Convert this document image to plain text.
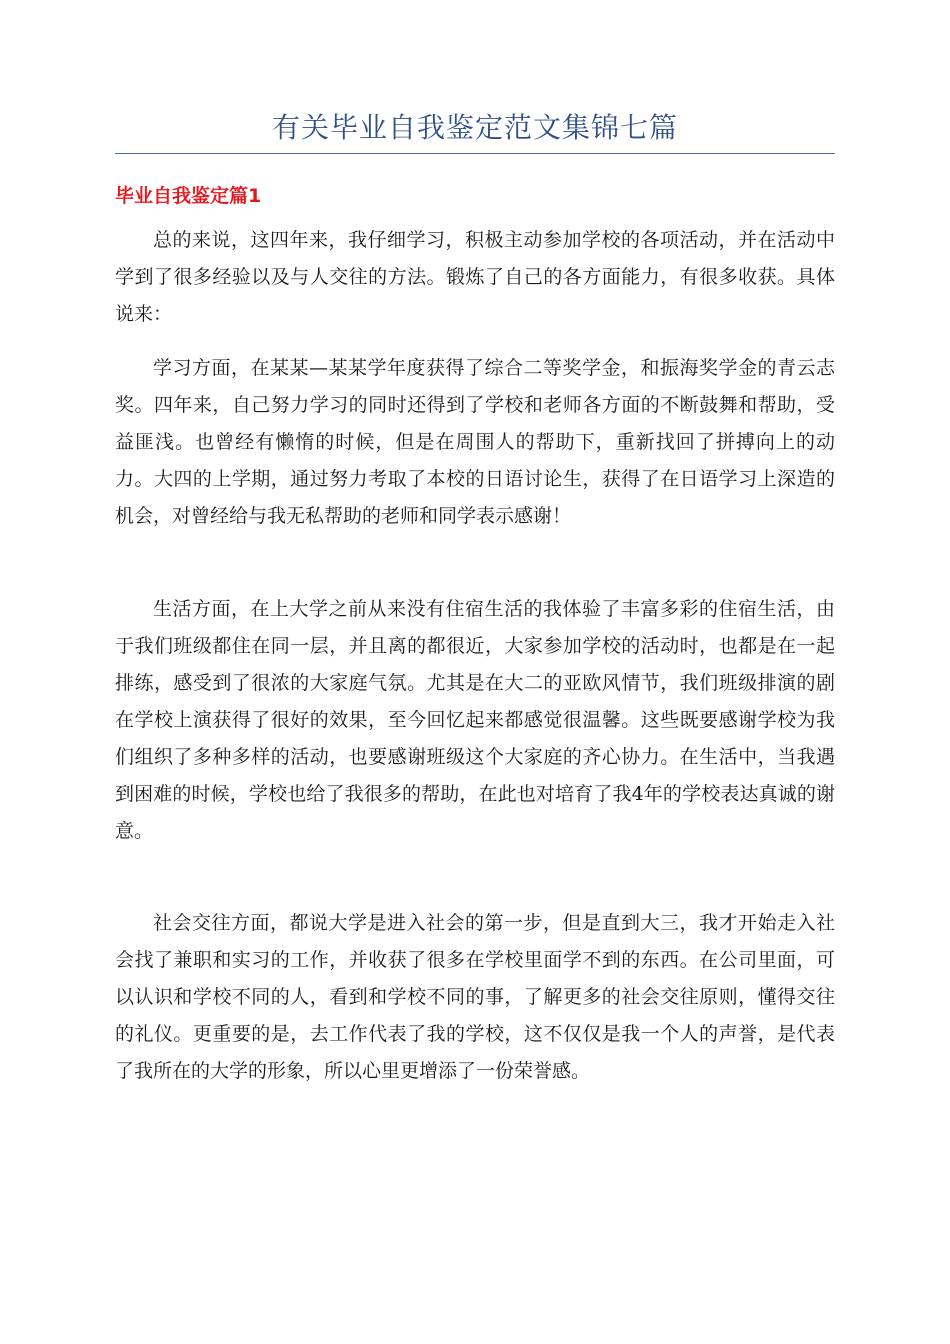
有关毕业自我鉴定范文集锦七篇
毕业自我鉴定篇1

总的来说，这四年来，我仔细学习，积极主动参加学校的各项活动，并在活动中学到了很多经验以及与人交往的方法。锻炼了自己的各方面能力，有很多收获。具体说来：

学习方面，在某某—某某学年度获得了综合二等奖学金，和振海奖学金的青云志奖。四年来，自己努力学习的同时还得到了学校和老师各方面的不断鼓舞和帮助，受益匪浅。也曾经有懒惰的时候，但是在周围人的帮助下，重新找回了拼搏向上的动力。大四的上学期，通过努力考取了本校的日语讨论生，获得了在日语学习上深造的机会，对曾经给与我无私帮助的老师和同学表示感谢！

生活方面，在上大学之前从来没有住宿生活的我体验了丰富多彩的住宿生活，由于我们班级都住在同一层，并且离的都很近，大家参加学校的活动时，也都是在一起排练，感受到了很浓的大家庭气氛。尤其是在大二的亚欧风情节，我们班级排演的剧在学校上演获得了很好的效果，至今回忆起来都感觉很温馨。这些既要感谢学校为我们组织了多种多样的活动，也要感谢班级这个大家庭的齐心协力。在生活中，当我遇到困难的时候，学校也给了我很多的帮助，在此也对培育了我4年的学校表达真诚的谢意。

社会交往方面，都说大学是进入社会的第一步，但是直到大三，我才开始走入社会找了兼职和实习的工作，并收获了很多在学校里面学不到的东西。在公司里面，可以认识和学校不同的人，看到和学校不同的事，了解更多的社会交往原则，懂得交往的礼仪。更重要的是，去工作代表了我的学校，这不仅仅是我一个人的声誉，是代表了我所在的大学的形象，所以心里更增添了一份荣誉感。
